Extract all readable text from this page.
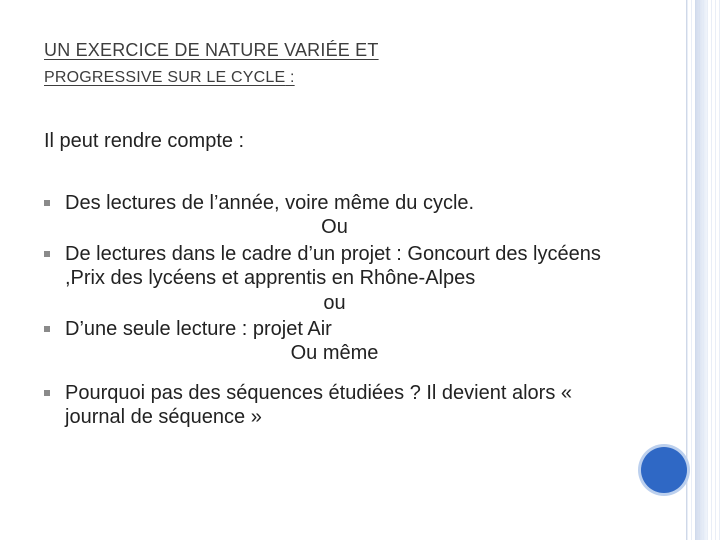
UN EXERCICE DE NATURE VARIÉE ET
PROGRESSIVE SUR LE CYCLE :
Il peut rendre compte :
Des lectures de l’année, voire même du cycle.
Ou
De lectures dans le cadre d’un projet : Goncourt des lycéens ,Prix des lycéens et apprentis en Rhône-Alpes
ou
D’une seule lecture : projet Air
Ou même
Pourquoi pas des séquences étudiées ? Il devient alors « journal de séquence »
